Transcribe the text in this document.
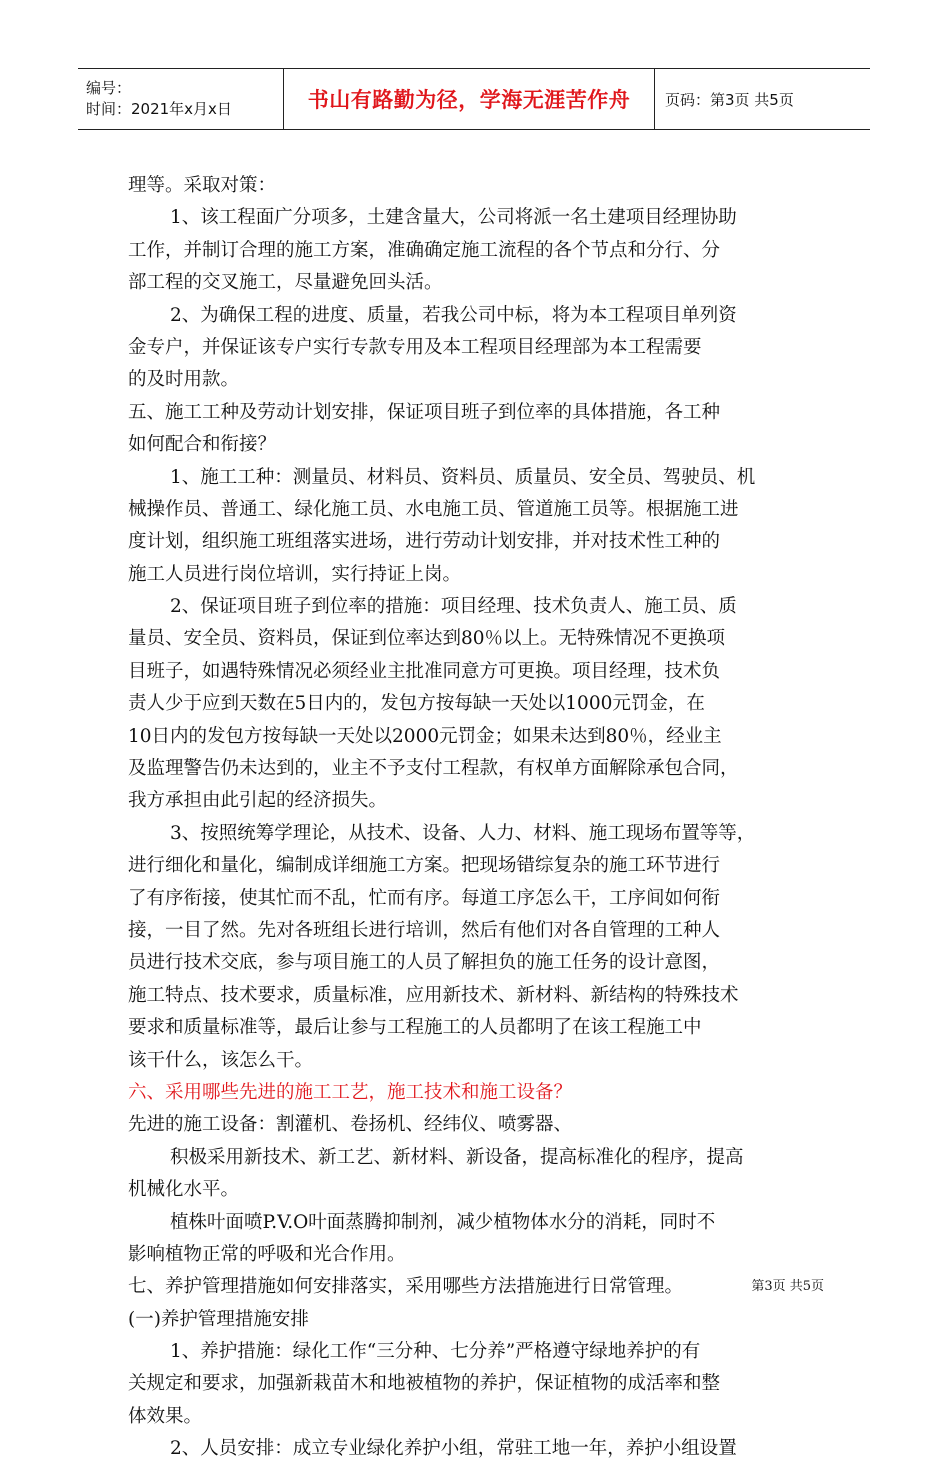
编号：
时间：2021年x月x日	书山有路勤为径，学海无涯苦作舟 页码：第3页 共5页
理等。采取对策：
1、该工程面广分项多，土建含量大，公司将派一名土建项目经理协助
工作，并制订合理的施工方案，准确确定施工流程的各个节点和分行、分
部工程的交叉施工，尽量避免回头活。
2、为确保工程的进度、质量，若我公司中标，将为本工程项目单列资
金专户，并保证该专户实行专款专用及本工程项目经理部为本工程需要
的及时用款。
五、施工工种及劳动计划安排，保证项目班子到位率的具体措施，各工种
如何配合和衔接？
1、施工工种：测量员、材料员、资料员、质量员、安全员、驾驶员、机
械操作员、普通工、绿化施工员、水电施工员、管道施工员等。根据施工进
度计划，组织施工班组落实进场，进行劳动计划安排，并对技术性工种的
施工人员进行岗位培训，实行持证上岗。
2、保证项目班子到位率的措施：项目经理、技术负责人、施工员、质
量员、安全员、资料员，保证到位率达到80％以上。无特殊情况不更换项
目班子，如遇特殊情况必须经业主批准同意方可更换。项目经理，技术负
责人少于应到天数在5日内的，发包方按每缺一天处以1000元罚金，在
10日内的发包方按每缺一天处以2000元罚金；如果未达到80％，经业主
及监理警告仍未达到的，业主不予支付工程款，有权单方面解除承包合同，
我方承担由此引起的经济损失。
3、按照统筹学理论，从技术、设备、人力、材料、施工现场布置等等，
进行细化和量化，编制成详细施工方案。把现场错综复杂的施工环节进行
了有序衔接，使其忙而不乱，忙而有序。每道工序怎么干，工序间如何衔
接，一目了然。先对各班组长进行培训，然后有他们对各自管理的工种人
员进行技术交底，参与项目施工的人员了解担负的施工任务的设计意图，
施工特点、技术要求，质量标准，应用新技术、新材料、新结构的特殊技术
要求和质量标准等，最后让参与工程施工的人员都明了在该工程施工中
该干什么，该怎么干。
六、采用哪些先进的施工工艺，施工技术和施工设备？
先进的施工设备：割灌机、卷扬机、经纬仪、喷雾器、
积极采用新技术、新工艺、新材料、新设备，提高标准化的程序，提高
机械化水平。
植株叶面喷P.V.O叶面蒸腾抑制剂，减少植物体水分的消耗，同时不
影响植物正常的呼吸和光合作用。
七、养护管理措施如何安排落实，采用哪些方法措施进行日常管理。
(一)养护管理措施安排
1、养护措施：绿化工作“三分种、七分养”严格遵守绿地养护的有
关规定和要求，加强新栽苗木和地被植物的养护，保证植物的成活率和整
体效果。
2、人员安排：成立专业绿化养护小组，常驻工地一年，养护小组设置
第3页 共5页
